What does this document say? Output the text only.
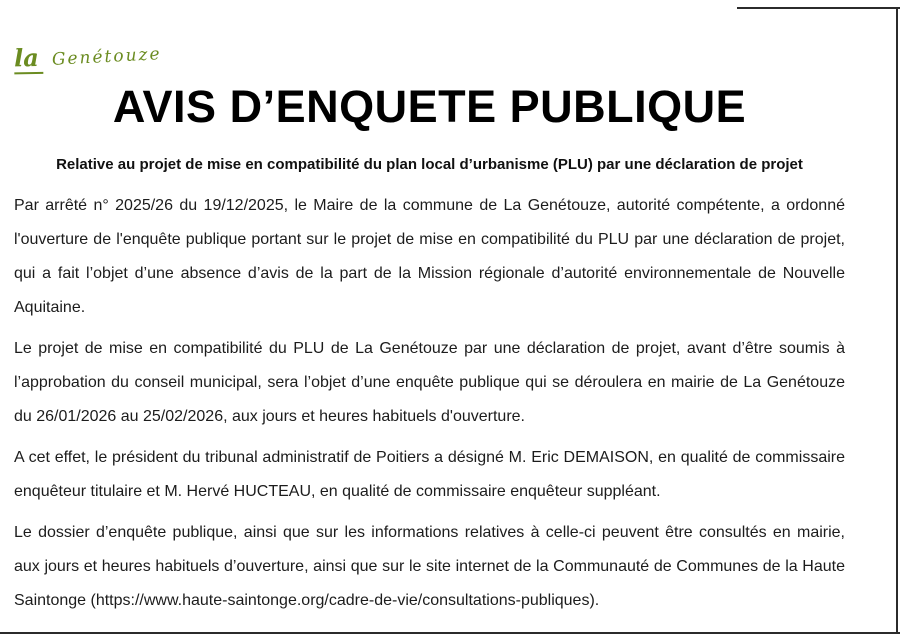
la Genétouze
AVIS D’ENQUETE PUBLIQUE

Relative au projet de mise en compatibilité du plan local d’urbanisme (PLU) par une déclaration de projet

Par arrêté n° 2025/26 du 19/12/2025, le Maire de la commune de La Genétouze, autorité compétente, a ordonné l'ouverture de l'enquête publique portant sur le projet de mise en compatibilité du PLU par une déclaration de projet, qui a fait l’objet d’une absence d’avis de la part de la Mission régionale d’autorité environnementale de Nouvelle Aquitaine.

Le projet de mise en compatibilité du PLU de La Genétouze par une déclaration de projet, avant d’être soumis à l’approbation du conseil municipal, sera l’objet d’une enquête publique qui se déroulera en mairie de La Genétouze du 26/01/2026 au 25/02/2026, aux jours et heures habituels d'ouverture.

A cet effet, le président du tribunal administratif de Poitiers a désigné M. Eric DEMAISON, en qualité de commissaire enquêteur titulaire et M. Hervé HUCTEAU, en qualité de commissaire enquêteur suppléant.

Le dossier d’enquête publique, ainsi que sur les informations relatives à celle-ci peuvent être consultés en mairie, aux jours et heures habituels d’ouverture, ainsi que sur le site internet de la Communauté de Communes de la Haute Saintonge (https://www.haute-saintonge.org/cadre-de-vie/consultations-publiques).
